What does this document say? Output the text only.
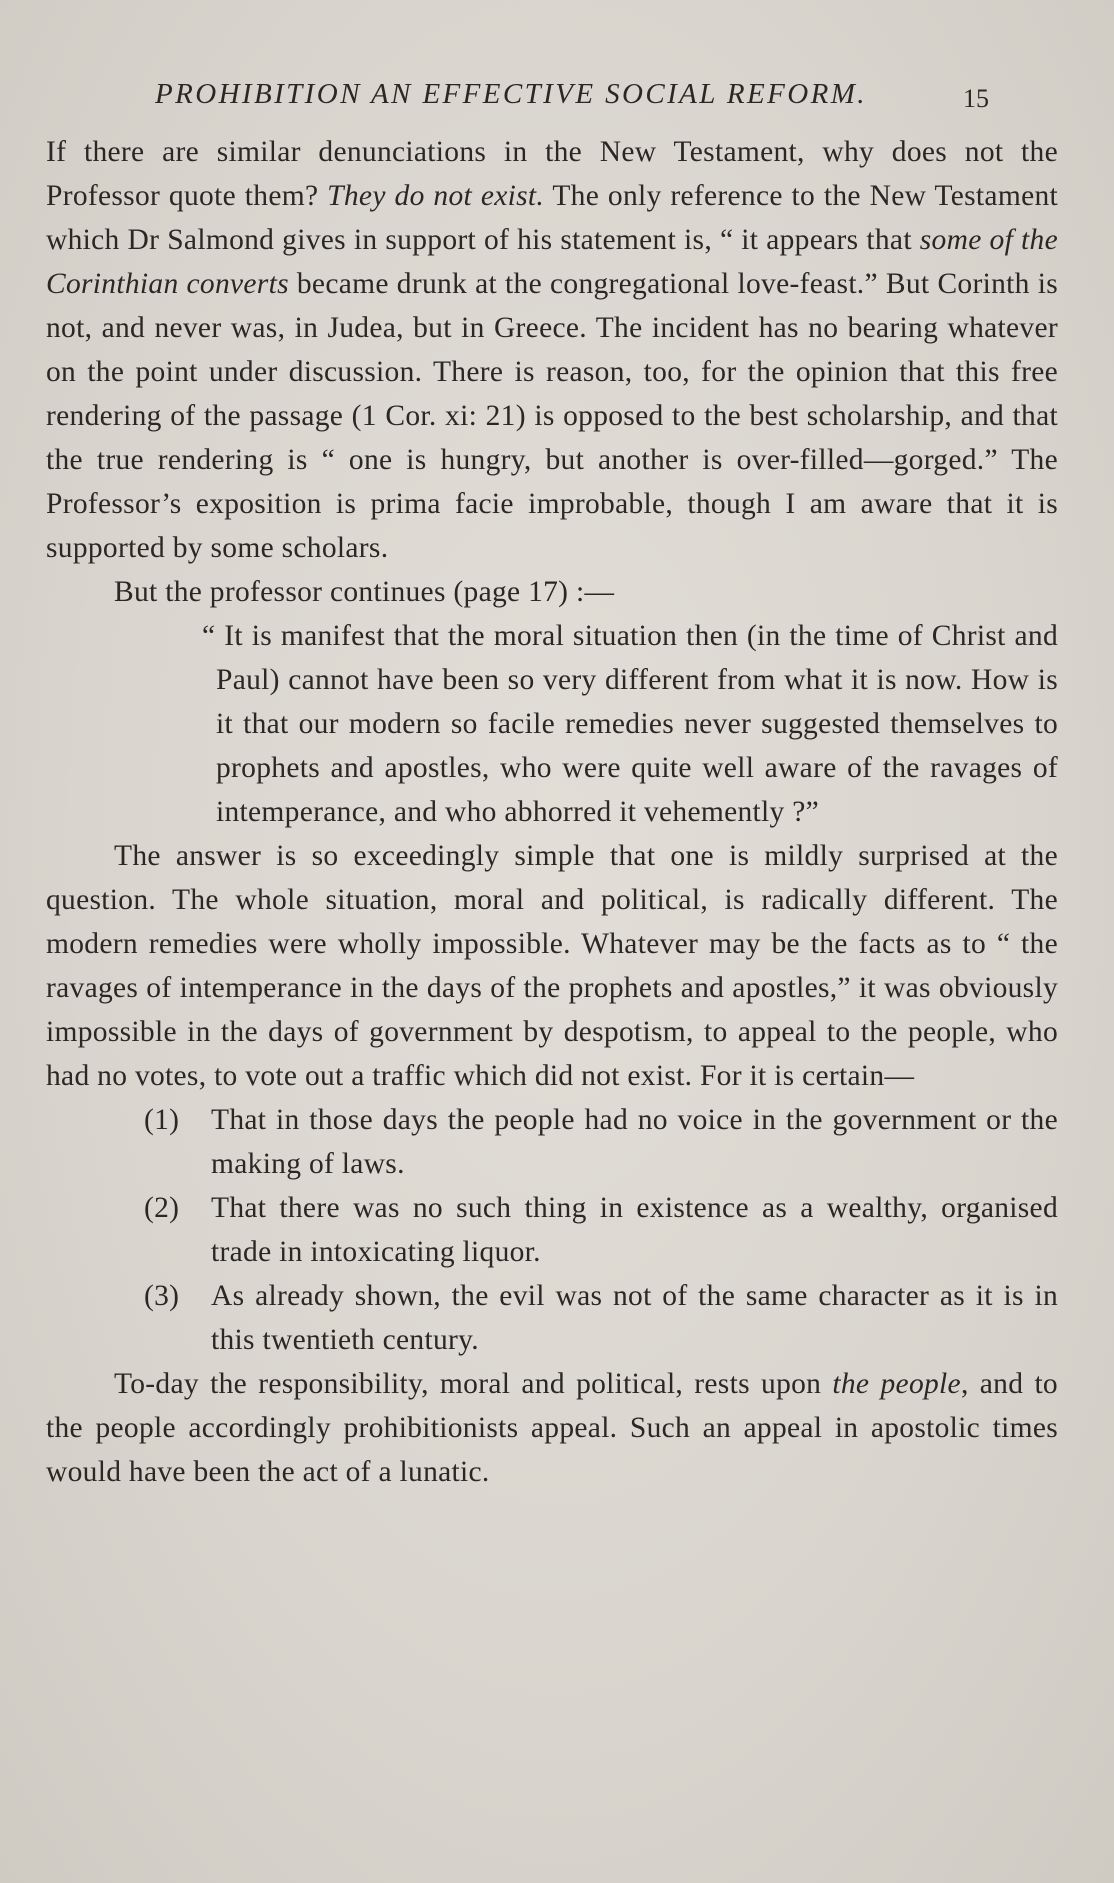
PROHIBITION AN EFFECTIVE SOCIAL REFORM.	15

If there are similar denunciations in the New Testament, why does not the Professor quote them? They do not exist. The only reference to the New Testament which Dr Salmond gives in support of his statement is, “ it appears that some of the Corinthian converts became drunk at the congregational love-feast.” But Corinth is not, and never was, in Judea, but in Greece. The incident has no bearing whatever on the point under discussion. There is reason, too, for the opinion that this free rendering of the passage (1 Cor. xi: 21) is opposed to the best scholarship, and that the true rendering is “ one is hungry, but another is over-filled—gorged.” The Professor’s exposition is prima facie improbable, though I am aware that it is supported by some scholars.

But the professor continues (page 17) :—

“ It is manifest that the moral situation then (in the time of Christ and Paul) cannot have been so very different from what it is now. How is it that our modern so facile remedies never suggested themselves to prophets and apostles, who were quite well aware of the ravages of intemperance, and who abhorred it vehemently ?”

The answer is so exceedingly simple that one is mildly surprised at the question. The whole situation, moral and political, is radically different. The modern remedies were wholly impossible. Whatever may be the facts as to “ the ravages of intemperance in the days of the prophets and apostles,” it was obviously impossible in the days of government by despotism, to appeal to the people, who had no votes, to vote out a traffic which did not exist. For it is certain—

(1) That in those days the people had no voice in the government or the making of laws.
(2) That there was no such thing in existence as a wealthy, organised trade in intoxicating liquor.
(3) As already shown, the evil was not of the same character as it is in this twentieth century.

To-day the responsibility, moral and political, rests upon the people, and to the people accordingly prohibitionists appeal. Such an appeal in apostolic times would have been the act of a lunatic.
